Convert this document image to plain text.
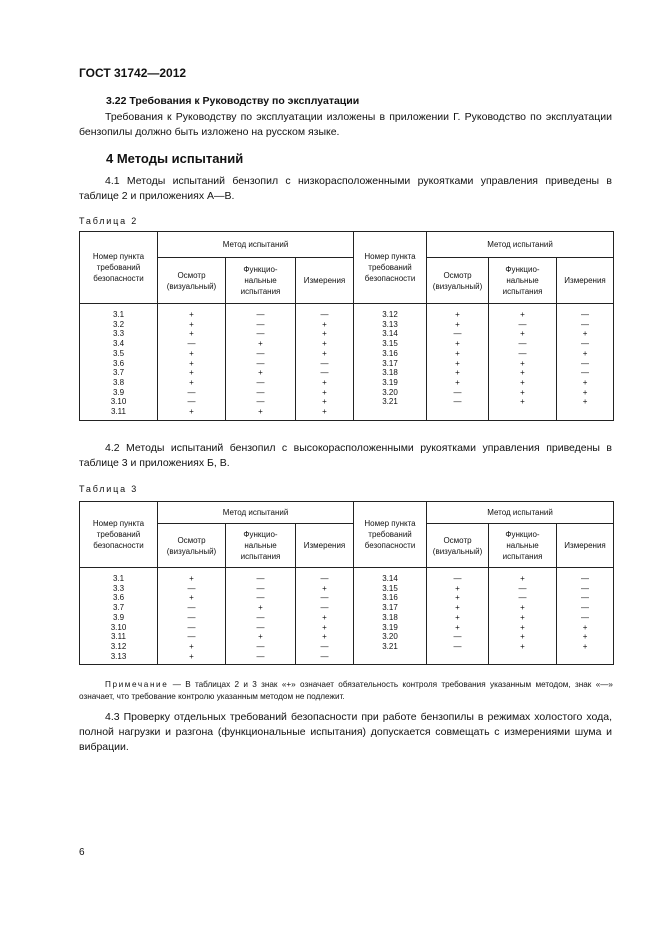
ГОСТ 31742—2012
3.22 Требования к Руководству по эксплуатации
Требования к Руководству по эксплуатации изложены в приложении Г. Руководство по эксплуатации бензопилы должно быть изложено на русском языке.
4 Методы испытаний
4.1 Методы испытаний бензопил с низкорасположенными рукоятками управления приведены в таблице 2 и приложениях А—В.
Таблица 2
Номер пункта требований безопасности	Метод испытаний			Номер пункта требований безопасности	Метод испытаний		
	Осмотр (визуальный)	Функцио-нальные испытания	Измерения		Осмотр (визуальный)	Функцио-нальные испытания	Измерения
3.1	+	—	—	3.12	+	+	—
3.2	+	—	+	3.13	+	—	—
3.3	+	—	+	3.14	—	+	+
3.4	—	+	+	3.15	+	—	—
3.5	+	—	+	3.16	+	—	+
3.6	+	—	—	3.17	+	+	—
3.7	+	+	—	3.18	+	+	—
3.8	+	—	+	3.19	+	+	+
3.9	—	—	+	3.20	—	+	+
3.10	—	—	+	3.21	—	+	+
3.11	+	+	+				
4.2 Методы испытаний бензопил с высокорасположенными рукоятками управления приведены в таблице 3 и приложениях Б, В.
Таблица 3
Номер пункта требований безопасности	Метод испытаний			Номер пункта требований безопасности	Метод испытаний		
	Осмотр (визуальный)	Функцио-нальные испытания	Измерения		Осмотр (визуальный)	Функцио-нальные испытания	Измерения
3.1	+	—	—	3.14	—	+	—
3.3	—	—	+	3.15	+	—	—
3.6	+	—	—	3.16	+	—	—
3.7	—	+	—	3.17	+	+	—
3.9	—	—	+	3.18	+	+	—
3.10	—	—	+	3.19	+	+	+
3.11	—	+	+	3.20	—	+	+
3.12	+	—	—	3.21	—	+	+
3.13	+	—	—				
Примечание — В таблицах 2 и 3 знак «+» означает обязательность контроля требования указанным методом, знак «—» означает, что требование контролю указанным методом не подлежит.
4.3 Проверку отдельных требований безопасности при работе бензопилы в режимах холостого хода, полной нагрузки и разгона (функциональные испытания) допускается совмещать с измерениями шума и вибрации.
6
